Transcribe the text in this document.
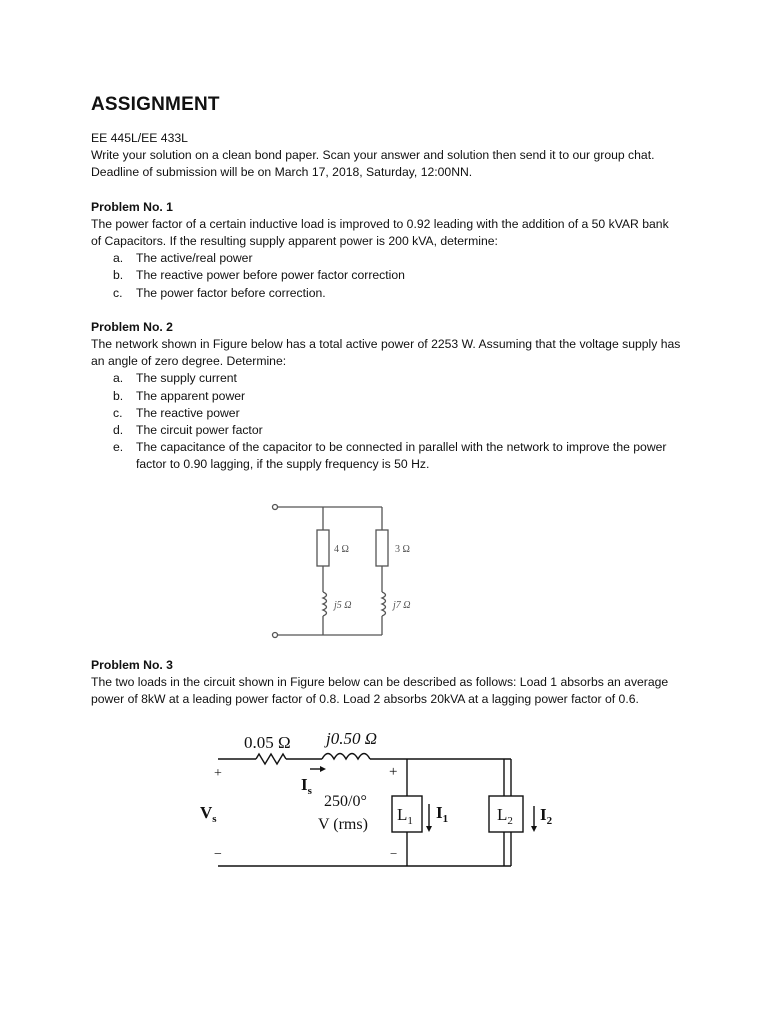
ASSIGNMENT

EE 445L/EE 433L

Write your solution on a clean bond paper. Scan your answer and solution then send it to our group chat. Deadline of submission will be on March 17, 2018, Saturday, 12:00NN.

Problem No. 1

The power factor of a certain inductive load is improved to 0.92 leading with the addition of a 50 kVAR bank of Capacitors. If the resulting supply apparent power is 200 kVA, determine:

a. The active/real power
b. The reactive power before power factor correction
c. The power factor before correction.
Problem No. 2

The network shown in Figure below has a total active power of 2253 W. Assuming that the voltage supply has an angle of zero degree. Determine:

a. The supply current
b. The apparent power
c. The reactive power
d. The circuit power factor
e. The capacitance of the capacitor to be connected in parallel with the network to improve the power factor to 0.90 lagging, if the supply frequency is 50 Hz.
Problem No. 3

The two loads in the circuit shown in Figure below can be described as follows: Load 1 absorbs an average power of 8kW at a leading power factor of 0.8. Load 2 absorbs 20kVA at a lagging power factor of 0.6.

4 Ω	3 Ω
j5 Ω	j7 Ω
0.05 Ω j0.50 Ω
+
−
$V_s$
$I_s$
+
−
250/0°
V (rms)
$L_1$	$L_2$
$I_1$	$I_2$
